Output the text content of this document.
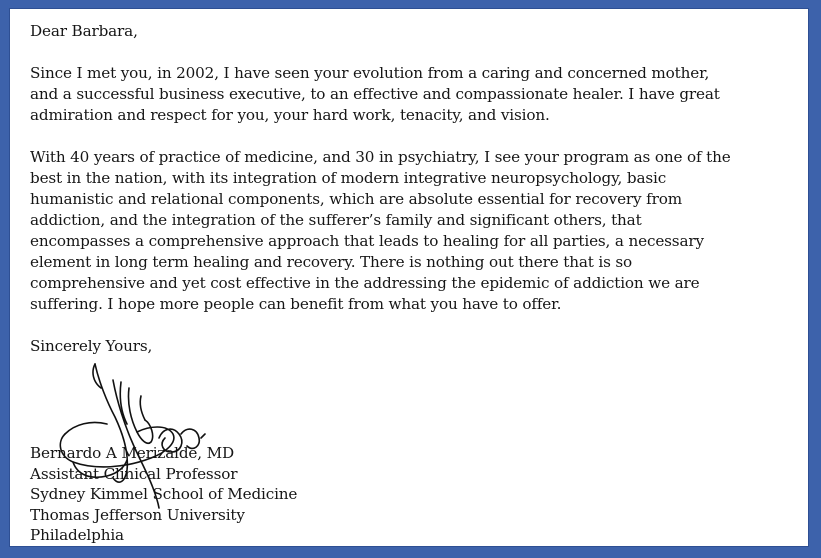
Dear Barbara,

Since I met you, in 2002, I have seen your evolution from a caring and concerned mother,
and a successful business executive, to an effective and compassionate healer. I have great
admiration and respect for you, your hard work, tenacity, and vision.

With 40 years of practice of medicine, and 30 in psychiatry, I see your program as one of the
best in the nation, with its integration of modern integrative neuropsychology, basic
humanistic and relational components, which are absolute essential for recovery from
addiction, and the integration of the sufferer’s family and significant others, that
encompasses a comprehensive approach that leads to healing for all parties, a necessary
element in long term healing and recovery. There is nothing out there that is so
comprehensive and yet cost effective in the addressing the epidemic of addiction we are
suffering. I hope more people can benefit from what you have to offer.

Sincerely Yours,

Bernardo A Merizalde, MD
Assistant Clinical Professor
Sydney Kimmel School of Medicine
Thomas Jefferson University
Philadelphia
